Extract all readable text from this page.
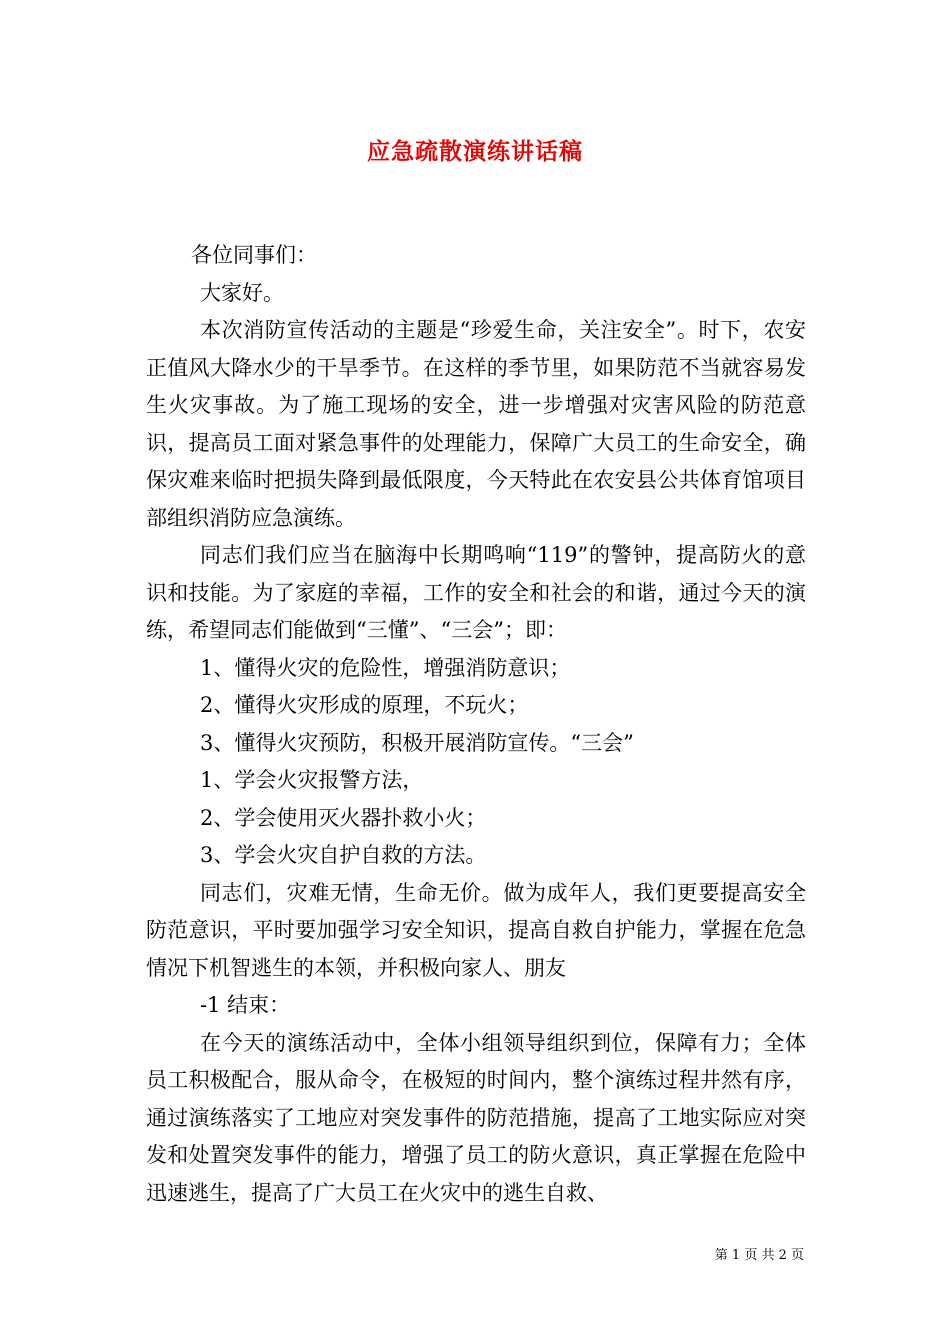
应急疏散演练讲话稿

各位同事们：

大家好。

本次消防宣传活动的主题是“珍爱生命，关注安全”。时下，农安正值风大降水少的干旱季节。在这样的季节里，如果防范不当就容易发生火灾事故。为了施工现场的安全，进一步增强对灾害风险的防范意识，提高员工面对紧急事件的处理能力，保障广大员工的生命安全，确保灾难来临时把损失降到最低限度，今天特此在农安县公共体育馆项目部组织消防应急演练。

同志们我们应当在脑海中长期鸣响“119”的警钟，提高防火的意识和技能。为了家庭的幸福，工作的安全和社会的和谐，通过今天的演练，希望同志们能做到“三懂”、“三会”；即：

1、懂得火灾的危险性，增强消防意识；

2、懂得火灾形成的原理，不玩火；

3、懂得火灾预防，积极开展消防宣传。“三会”

1、学会火灾报警方法，

2、学会使用灭火器扑救小火；

3、学会火灾自护自救的方法。

同志们，灾难无情，生命无价。做为成年人，我们更要提高安全防范意识，平时要加强学习安全知识，提高自救自护能力，掌握在危急情况下机智逃生的本领，并积极向家人、朋友

-1 结束：

在今天的演练活动中，全体小组领导组织到位，保障有力；全体员工积极配合，服从命令，在极短的时间内，整个演练过程井然有序，通过演练落实了工地应对突发事件的防范措施，提高了工地实际应对突发和处置突发事件的能力，增强了员工的防火意识，真正掌握在危险中迅速逃生，提高了广大员工在火灾中的逃生自救、

第 1 页 共 2 页
